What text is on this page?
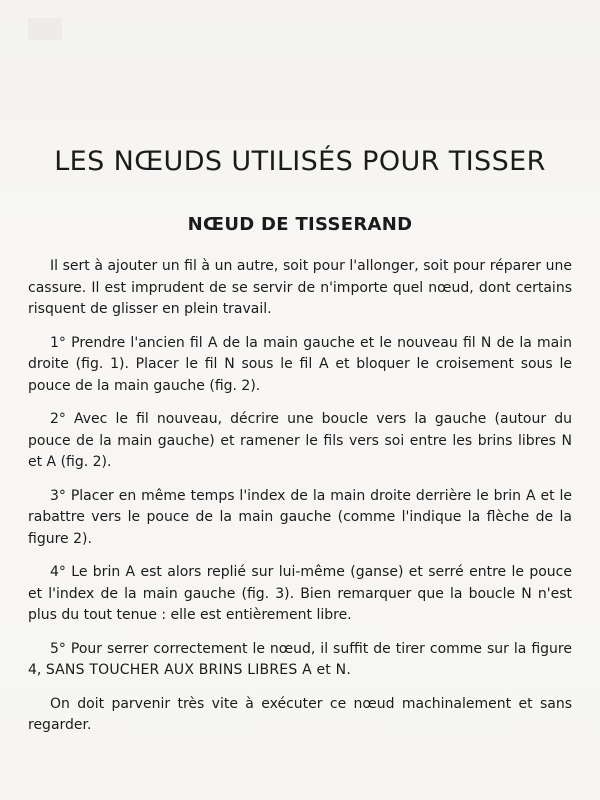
LES NŒUDS UTILISÉS POUR TISSER
NŒUD DE TISSERAND

Il sert à ajouter un fil à un autre, soit pour l'allonger, soit pour réparer une cassure. Il est imprudent de se servir de n'importe quel nœud, dont certains risquent de glisser en plein travail.

1° Prendre l'ancien fil A de la main gauche et le nouveau fil N de la main droite (fig. 1). Placer le fil N sous le fil A et bloquer le croisement sous le pouce de la main gauche (fig. 2).

2° Avec le fil nouveau, décrire une boucle vers la gauche (autour du pouce de la main gauche) et ramener le fils vers soi entre les brins libres N et A (fig. 2).

3° Placer en même temps l'index de la main droite derrière le brin A et le rabattre vers le pouce de la main gauche (comme l'indique la flèche de la figure 2).

4° Le brin A est alors replié sur lui-même (ganse) et serré entre le pouce et l'index de la main gauche (fig. 3). Bien remarquer que la boucle N n'est plus du tout tenue : elle est entièrement libre.

5° Pour serrer correctement le nœud, il suffit de tirer comme sur la figure 4, SANS TOUCHER AUX BRINS LIBRES A et N.

On doit parvenir très vite à exécuter ce nœud machinalement et sans regarder.
